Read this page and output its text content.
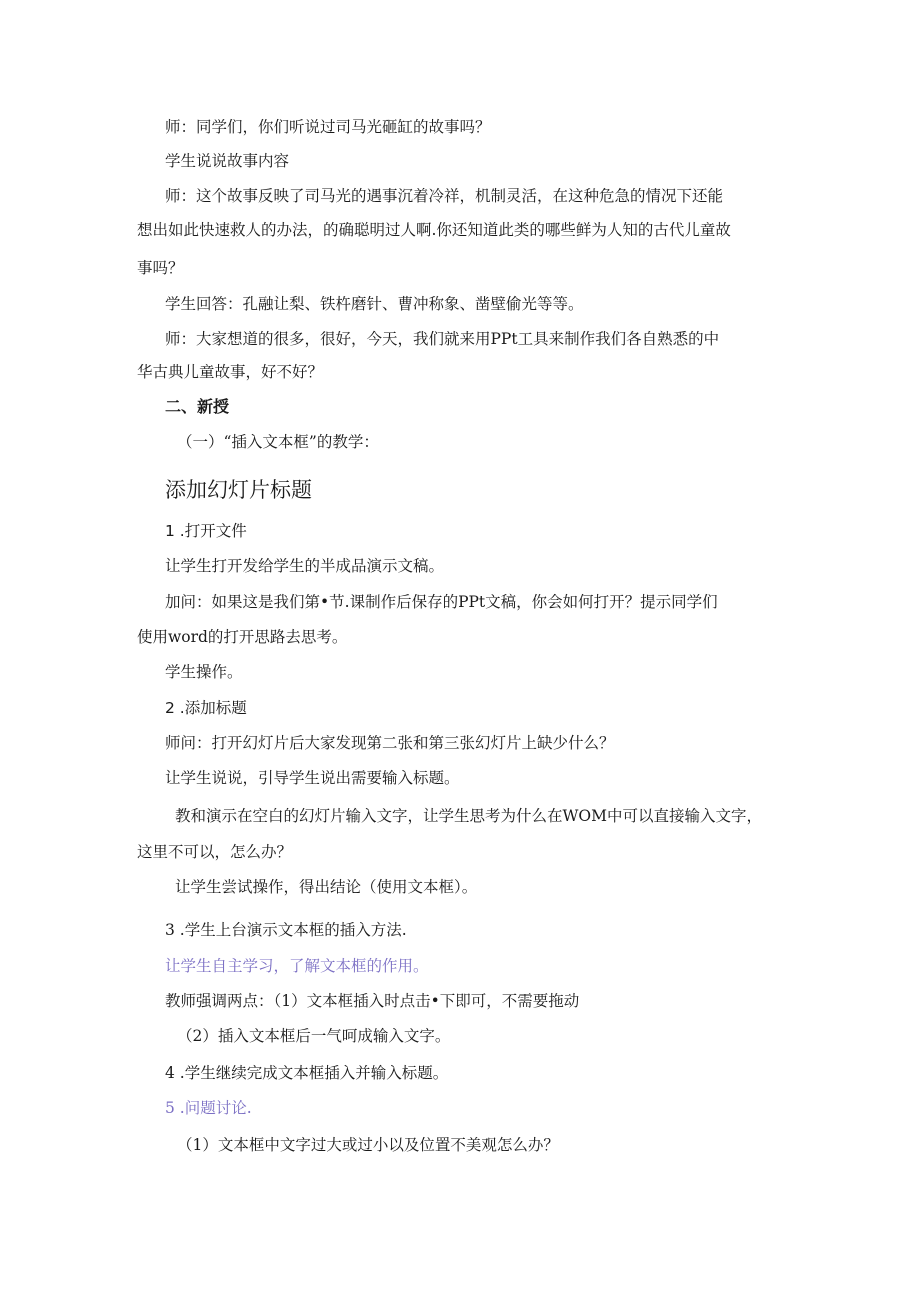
师：同学们，你们听说过司马光砸缸的故事吗？
学生说说故事内容
师：这个故事反映了司马光的遇事沉着冷祥，机制灵活，在这种危急的情况下还能
想出如此快速救人的办法，的确聪明过人啊.你还知道此类的哪些鲜为人知的古代儿童故
事吗？
学生回答：孔融让梨、铁杵磨针、曹冲称象、凿壁偷光等等。
师：大家想道的很多，很好，今天，我们就来用PPt工具来制作我们各自熟悉的中
华古典儿童故事，好不好？
二、新授
（一）“插入文本框”的教学：
添加幻灯片标题
1 .打开文件
让学生打开发给学生的半成品演示文稿。
加问：如果这是我们第•节.课制作后保存的PPt文稿，你会如何打开？提示同学们
使用word的打开思路去思考。
学生操作。
2 .添加标题
师问：打开幻灯片后大家发现第二张和第三张幻灯片上缺少什么？
让学生说说，引导学生说出需要输入标题。
教和演示在空白的幻灯片输入文字，让学生思考为什么在WOM中可以直接输入文字，
这里不可以，怎么办？
让学生尝试操作，得出结论（使用文本框）。
3 .学生上台演示文本框的插入方法.
让学生自主学习，了解文本框的作用。
教师强调两点：（1）文本框插入时点击•下即可，不需要拖动
（2）插入文本框后一气呵成输入文字。
4 .学生继续完成文本框插入并输入标题。
5 .问题讨论.
（1）文本框中文字过大或过小以及位置不美观怎么办？
